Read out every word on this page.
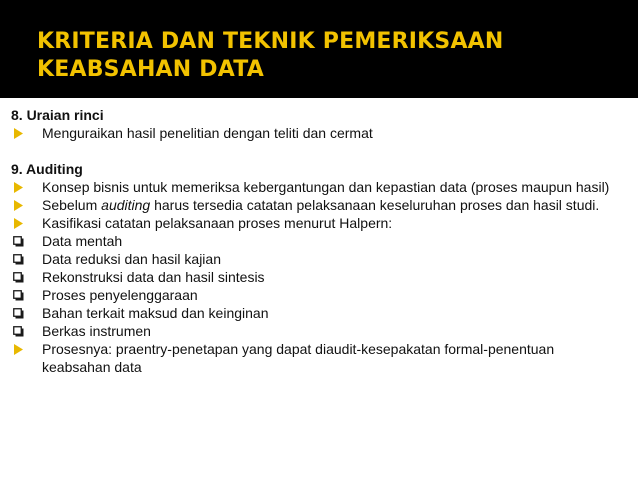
KRITERIA DAN TEKNIK PEMERIKSAAN
KEABSAHAN DATA

8. Uraian rinci

Menguraikan hasil penelitian dengan teliti dan cermat

9. Auditing

Konsep bisnis untuk memeriksa kebergantungan dan kepastian data (proses maupun hasil)
Sebelum auditing harus tersedia catatan pelaksanaan keseluruhan proses dan hasil studi.
Kasifikasi catatan pelaksanaan proses menurut Halpern:
Data mentah
Data reduksi dan hasil kajian
Rekonstruksi data dan hasil sintesis
Proses penyelenggaraan
Bahan terkait maksud dan keinginan
Berkas instrumen
Prosesnya: praentry-penetapan yang dapat diaudit-kesepakatan formal-penentuan keabsahan data
